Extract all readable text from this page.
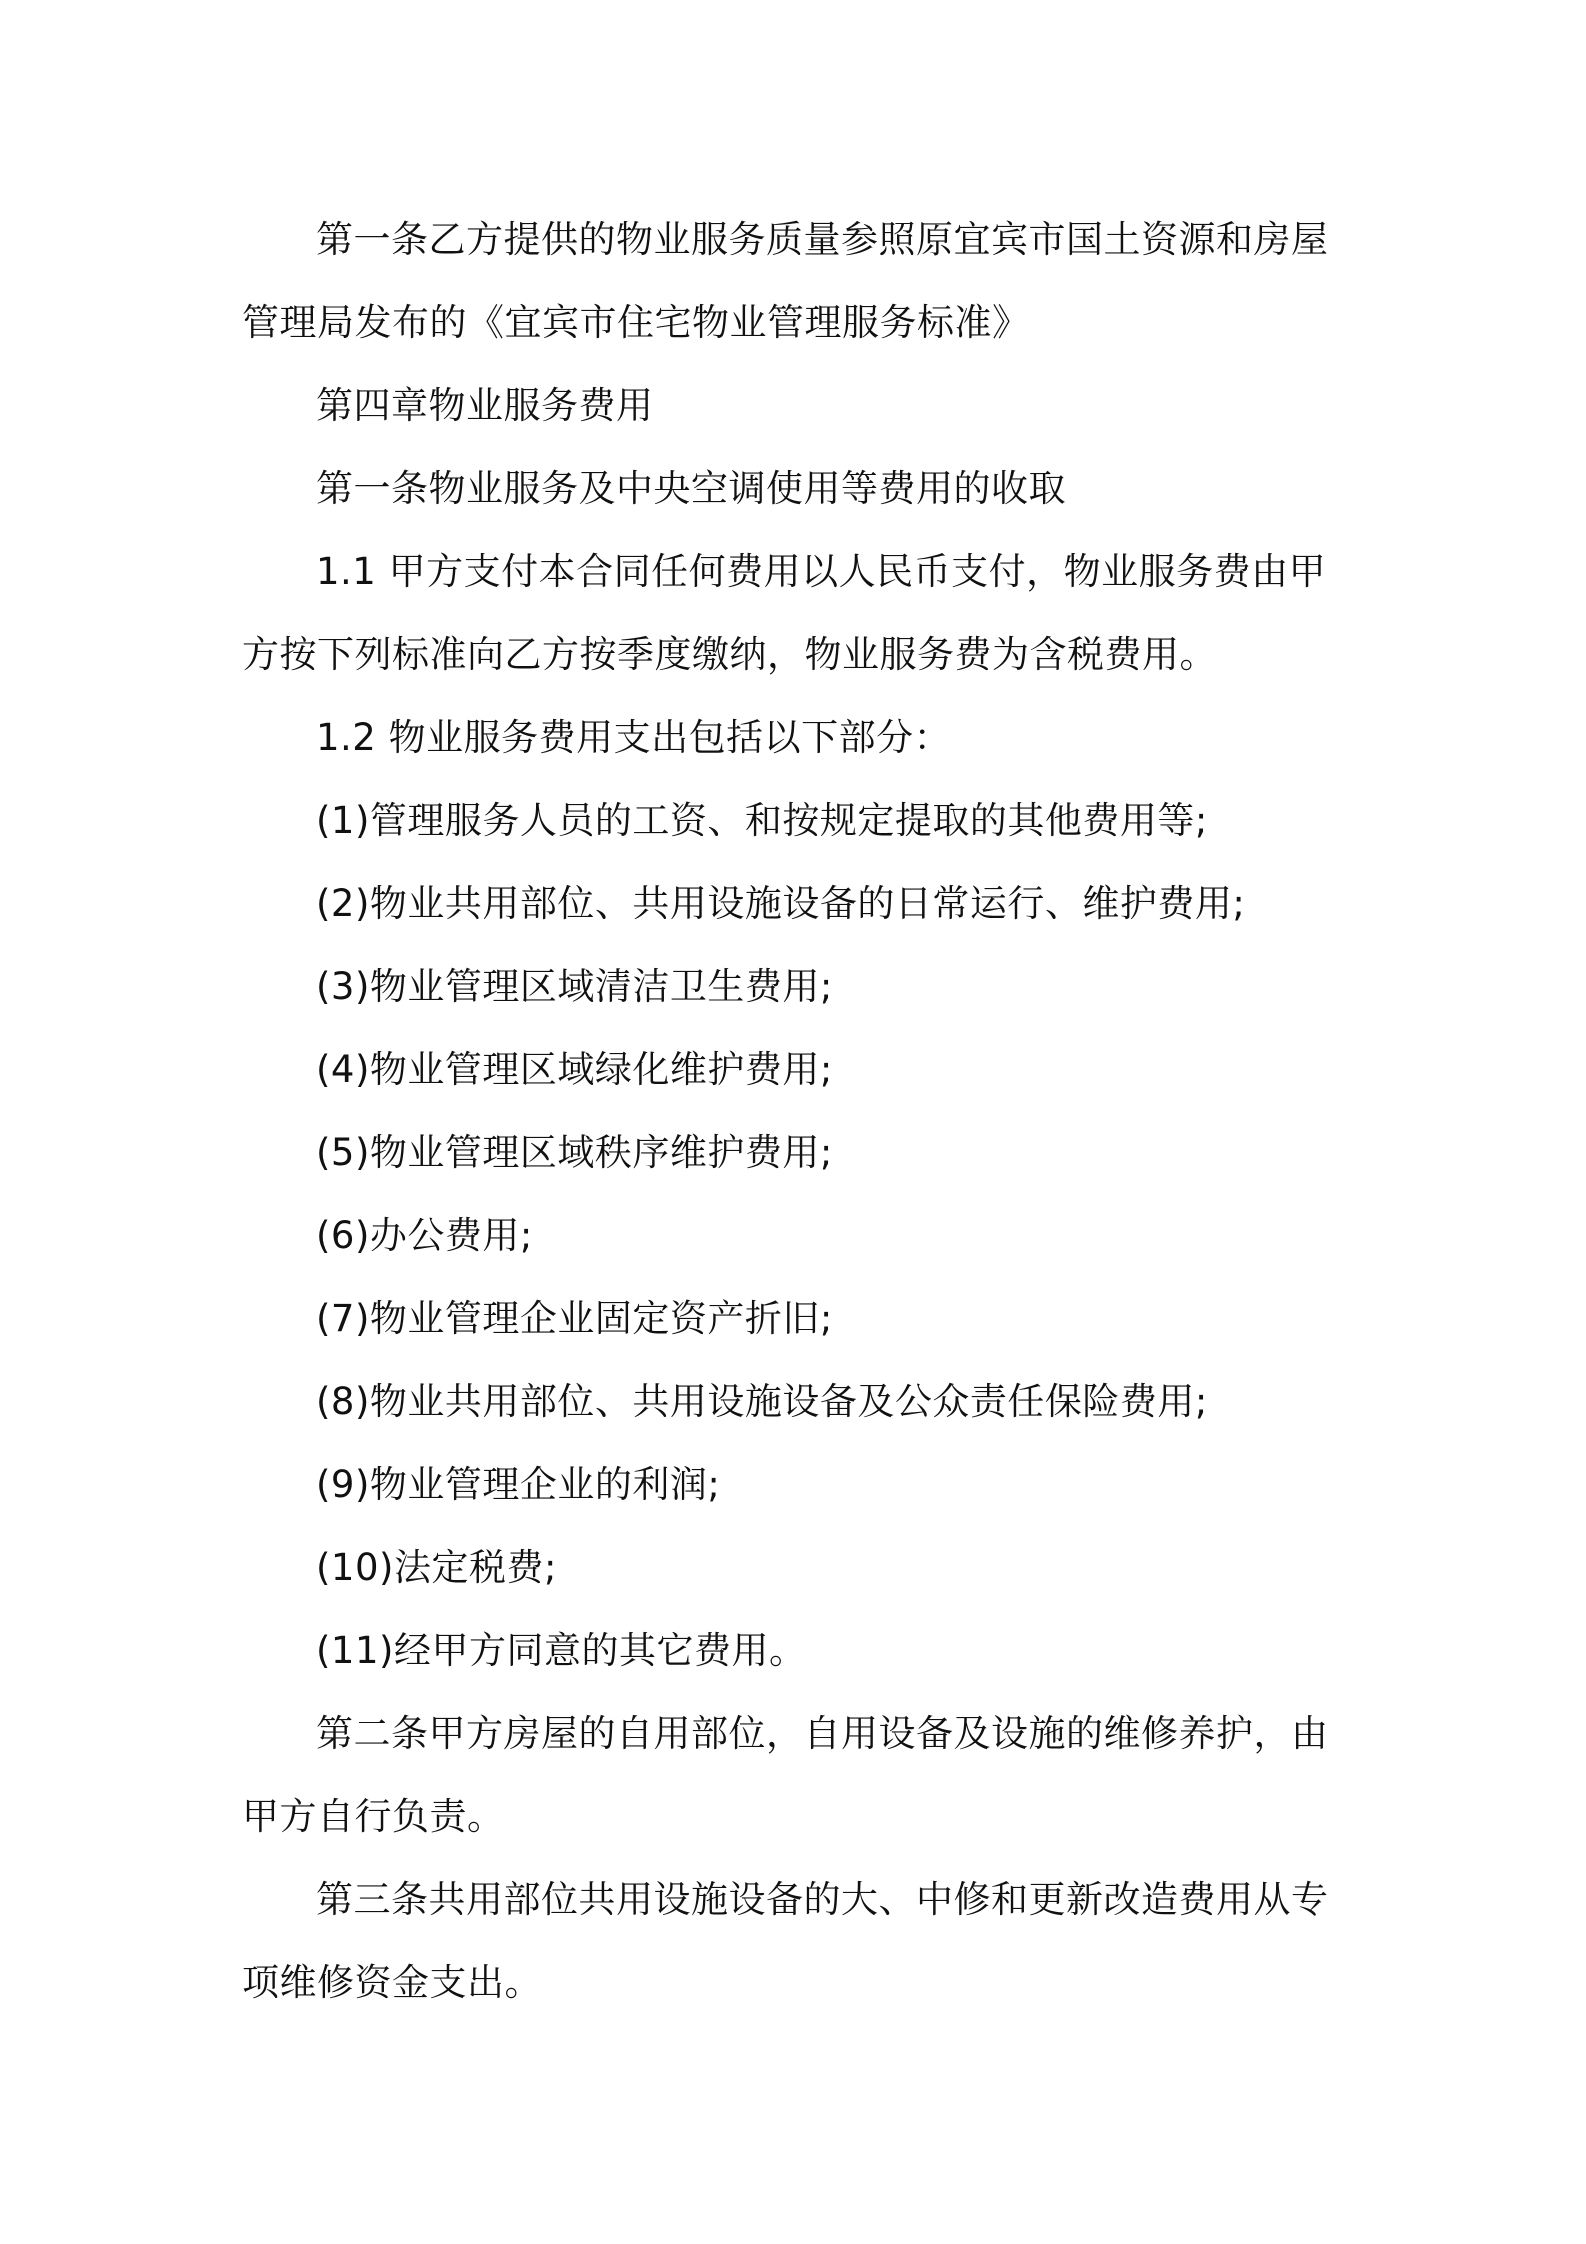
第一条乙方提供的物业服务质量参照原宜宾市国土资源和房屋管理局发布的《宜宾市住宅物业管理服务标准》

第四章物业服务费用

第一条物业服务及中央空调使用等费用的收取

1.1 甲方支付本合同任何费用以人民币支付，物业服务费由甲方按下列标准向乙方按季度缴纳，物业服务费为含税费用。

1.2 物业服务费用支出包括以下部分：

(1)管理服务人员的工资、和按规定提取的其他费用等;

(2)物业共用部位、共用设施设备的日常运行、维护费用;

(3)物业管理区域清洁卫生费用;

(4)物业管理区域绿化维护费用;

(5)物业管理区域秩序维护费用;

(6)办公费用;

(7)物业管理企业固定资产折旧;

(8)物业共用部位、共用设施设备及公众责任保险费用;

(9)物业管理企业的利润;

(10)法定税费;

(11)经甲方同意的其它费用。

第二条甲方房屋的自用部位，自用设备及设施的维修养护，由甲方自行负责。

第三条共用部位共用设施设备的大、中修和更新改造费用从专项维修资金支出。
